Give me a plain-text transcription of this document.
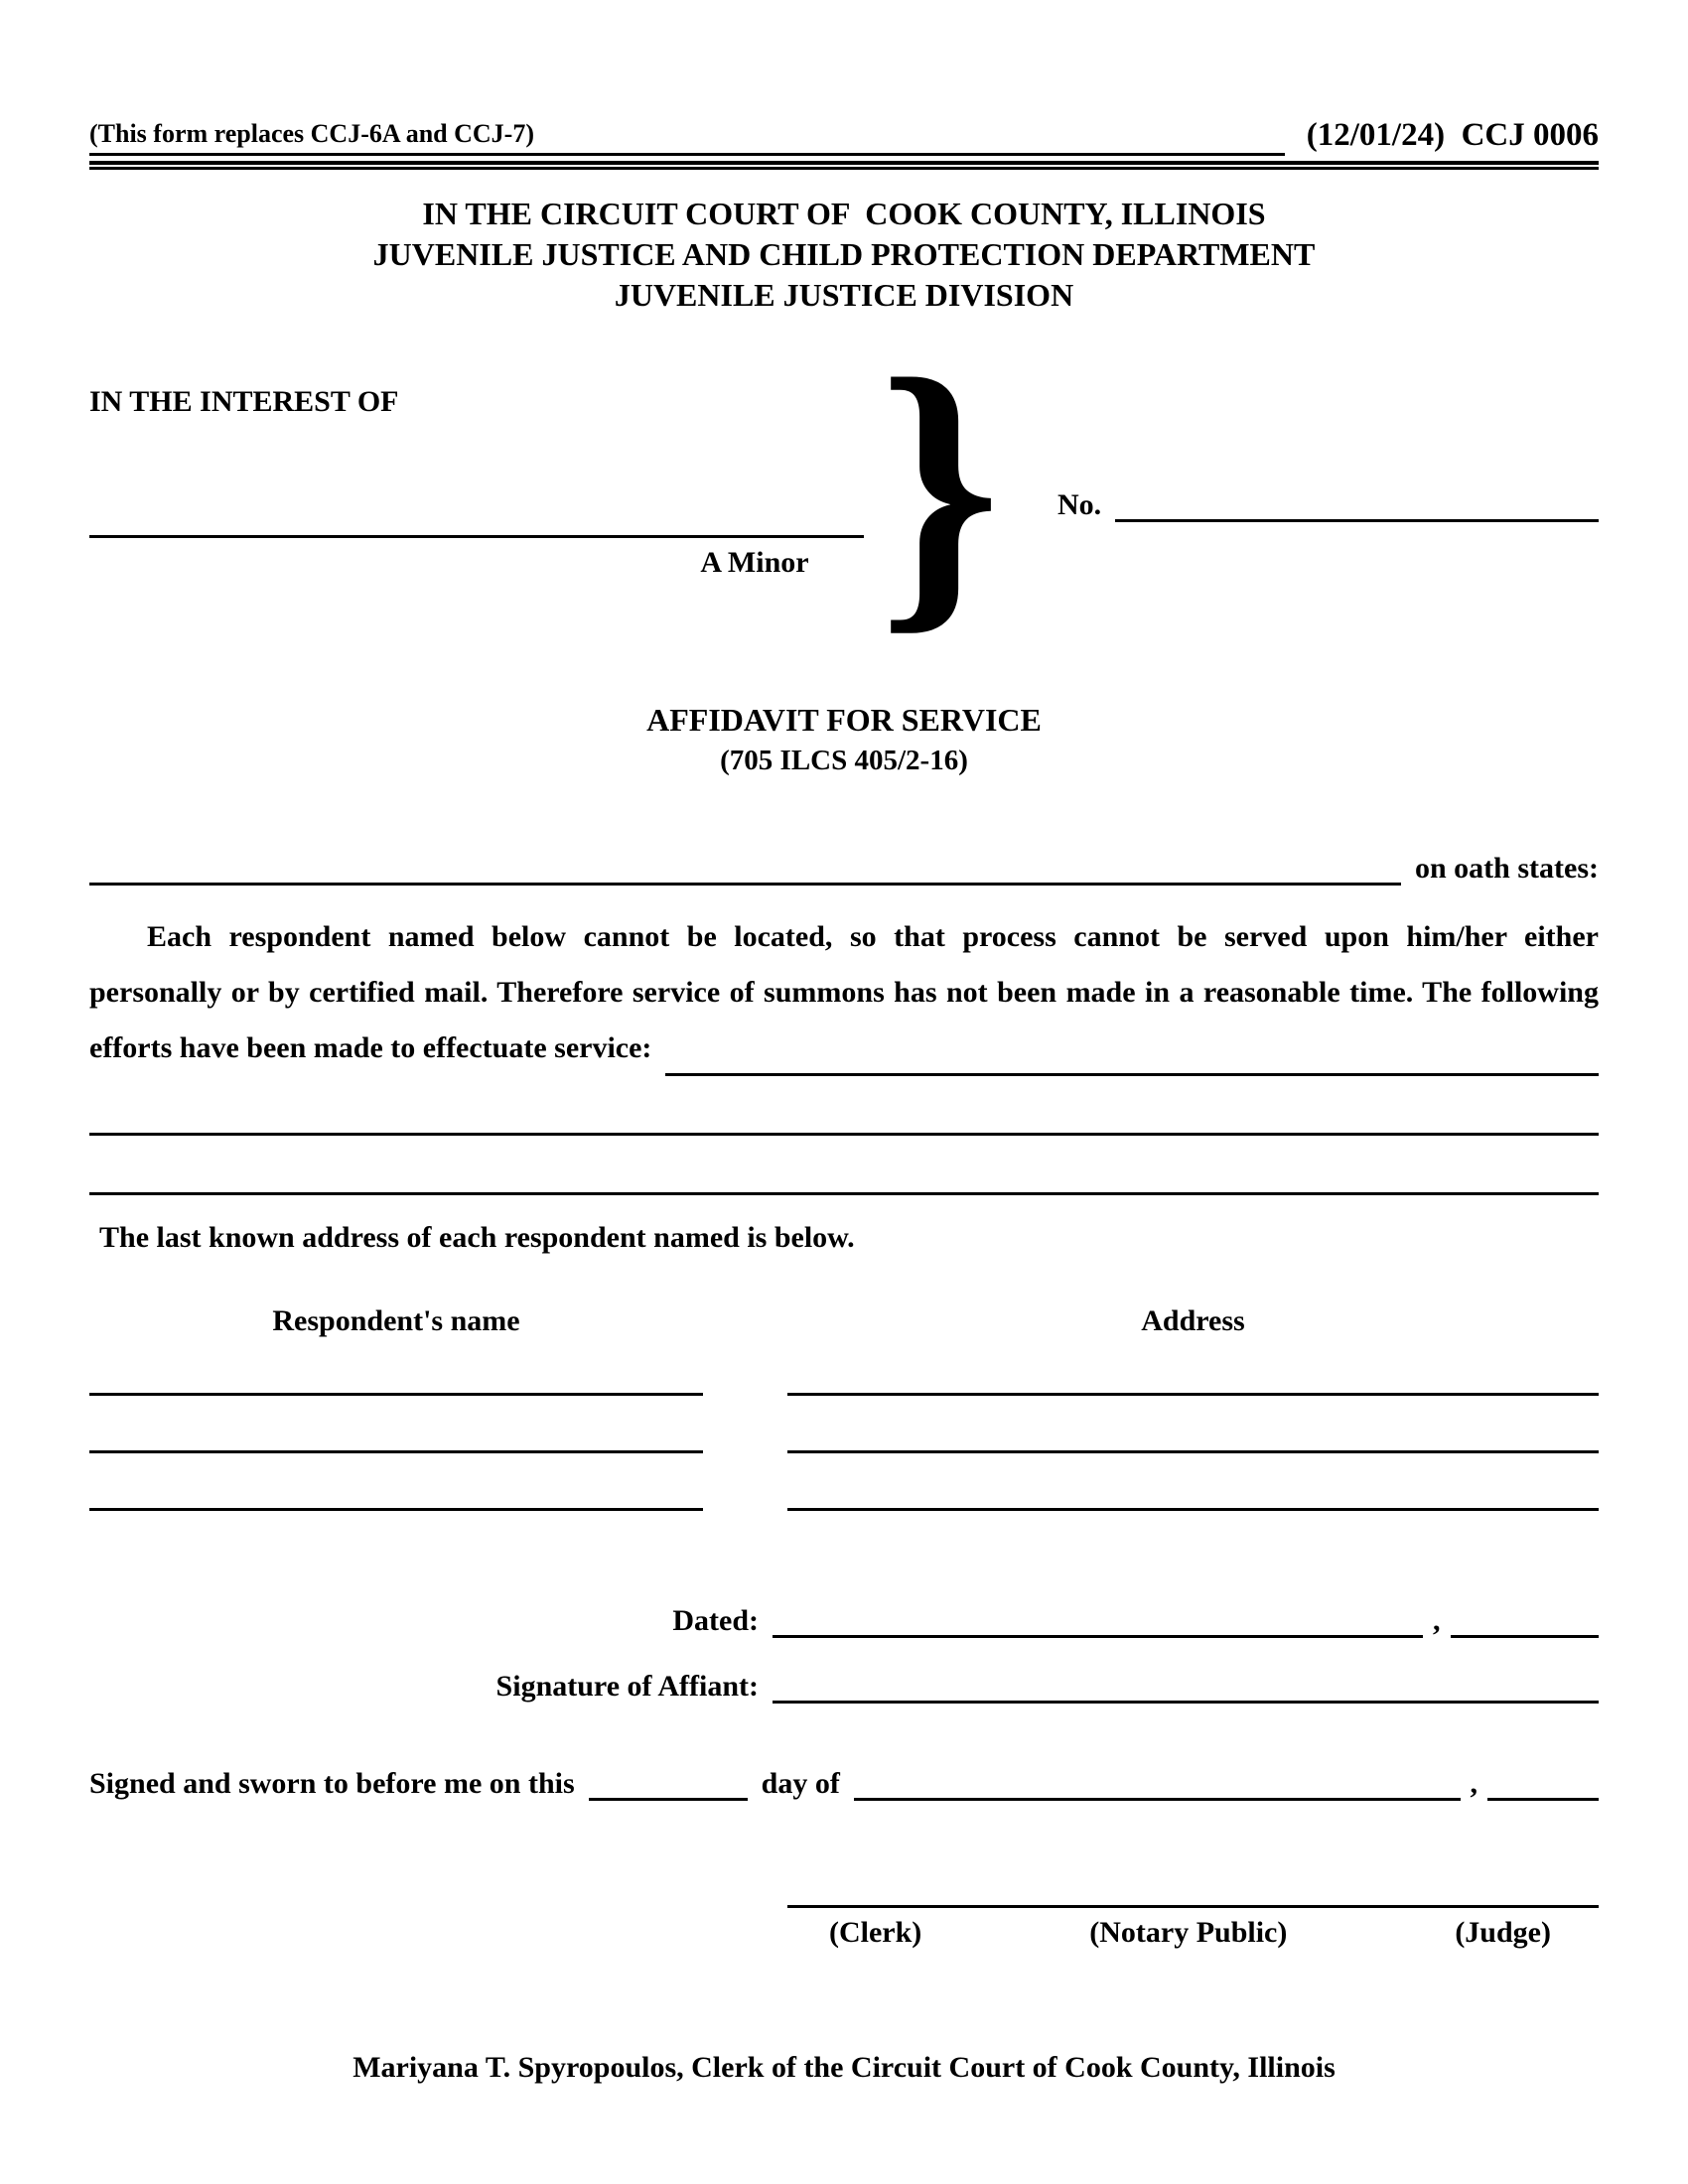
(This form replaces CCJ-6A and CCJ-7)	(12/01/24)  CCJ 0006
IN THE CIRCUIT COURT OF  COOK COUNTY, ILLINOIS
JUVENILE JUSTICE AND CHILD PROTECTION DEPARTMENT
JUVENILE JUSTICE DIVISION
IN THE INTEREST OF
A Minor } No.
AFFIDAVIT FOR SERVICE
(705 ILCS 405/2-16)
on oath states:
Each respondent named below cannot be located, so that process cannot be served upon him/her either
personally or by certified mail. Therefore service of summons has not been made in a reasonable time. The following
efforts have been made to effectuate service:
The last known address of each respondent named is below.
Respondent's name	Address
Dated:	,
Signature of Affiant:
Signed and sworn to before me on this	day of	,
(Clerk)	(Notary Public)	(Judge)
Mariyana T. Spyropoulos, Clerk of the Circuit Court of Cook County, Illinois
